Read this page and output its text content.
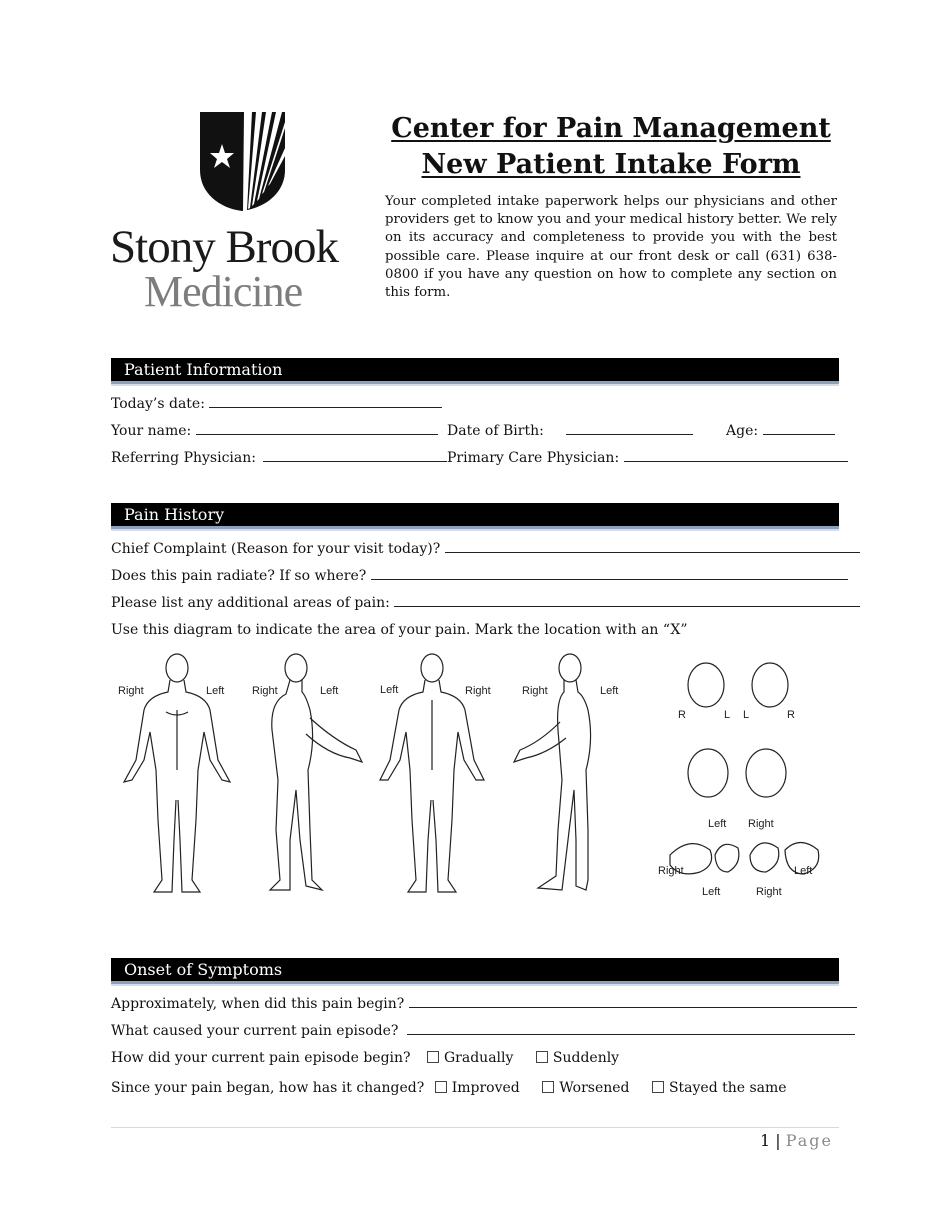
Stony Brook
Medicine
Center for Pain Management
New Patient Intake Form
Your completed intake paperwork helps our physicians and other providers get to know you and your medical history better. We rely on its accuracy and completeness to provide you with the best possible care. Please inquire at our front desk or call (631) 638-0800 if you have any question on how to complete any section on this form.
Patient Information
Today’s date:
Your name:	Date of Birth:	Age:
Referring Physician:	Primary Care Physician:
Pain History
Chief Complaint (Reason for your visit today)?
Does this pain radiate? If so where?
Please list any additional areas of pain:
Use this diagram to indicate the area of your pain. Mark the location with an “X”
Right	Left	Right	Left	Left	Right	Right	Left
R	L L	R
Left Right
Right
Left
Left
Right
Onset of Symptoms
Approximately, when did this pain begin?
What caused your current pain episode?
How did your current pain episode begin? Gradually	Suddenly
Since your pain began, how has it changed? Improved	Worsened	Stayed the same
1 | Page
